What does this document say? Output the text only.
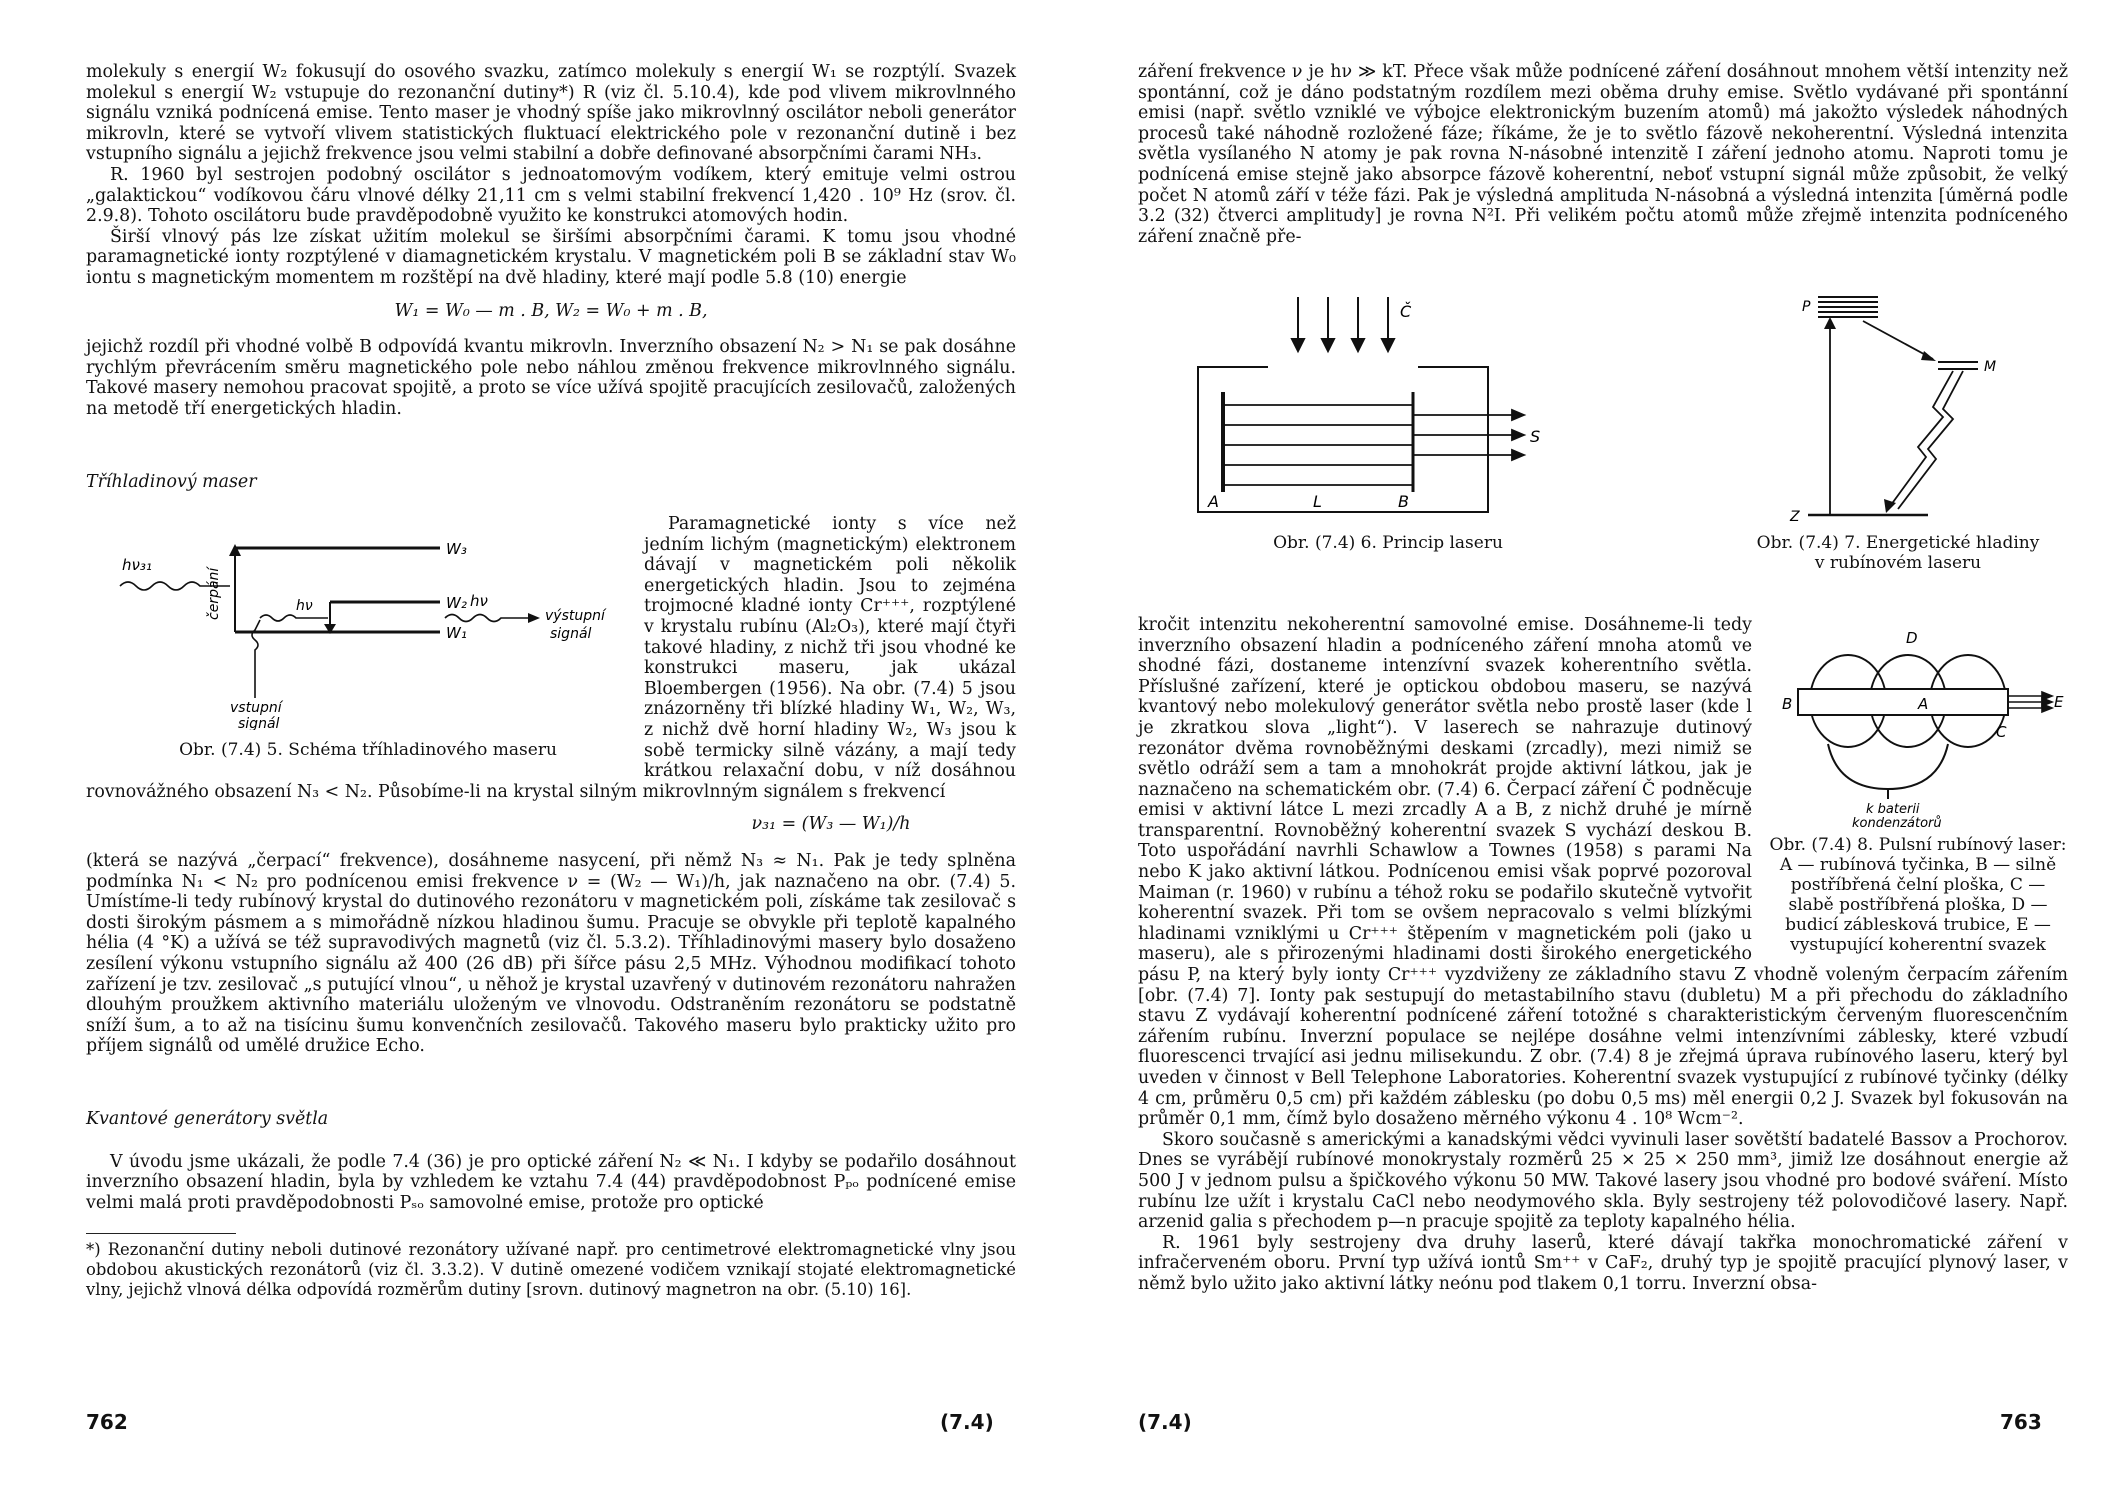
molekuly s energií W₂ fokusují do osového svazku, zatímco molekuly s energií W₁ se rozptýlí. Svazek molekul s energií W₂ vstupuje do rezonanční dutiny*) R (viz čl. 5.10.4), kde pod vlivem mikrovlnného signálu vzniká podnícená emise. Tento maser je vhodný spíše jako mikrovlnný oscilátor neboli generátor mikrovln, které se vytvoří vlivem statistických fluktuací elektrického pole v rezonanční dutině i bez vstupního signálu a jejichž frekvence jsou velmi stabilní a dobře definované absorpčními čarami NH₃.

R. 1960 byl sestrojen podobný oscilátor s jednoatomovým vodíkem, který emituje velmi ostrou „galaktickou“ vodíkovou čáru vlnové délky 21,11 cm s velmi stabilní frekvencí 1,420 . 10⁹ Hz (srov. čl. 2.9.8). Tohoto oscilátoru bude pravděpodobně využito ke konstrukci atomových hodin.

Širší vlnový pás lze získat užitím molekul se širšími absorpčními čarami. K tomu jsou vhodné paramagnetické ionty rozptýlené v diamagnetickém krystalu. V magnetickém poli B se základní stav W₀ iontu s magnetickým momentem m rozštěpí na dvě hladiny, které mají podle 5.8 (10) energie

W₁ = W₀ — m . B, W₂ = W₀ + m . B,

jejichž rozdíl při vhodné volbě B odpovídá kvantu mikrovln. Inverzního obsazení N₂ > N₁ se pak dosáhne rychlým převrácením směru magnetického pole nebo náhlou změnou frekvence mikrovlnného signálu. Takové masery nemohou pracovat spojitě, a proto se více užívá spojitě pracujících zesilovačů, založených na metodě tří energetických hladin.

Tříhladinový maser

W₃
W₂
W₁
hν₃₁
čerpání	hν	hν
výstupní
signál
vstupní
signál
Obr. (7.4) 5. Schéma tříhladinového maseru
Paramagnetické ionty s více než jedním lichým (magnetickým) elektronem dávají v magnetickém poli několik energetických hladin. Jsou to zejména trojmocné kladné ionty Cr⁺⁺⁺, rozptýlené v krystalu rubínu (Al₂O₃), které mají čtyři takové hladiny, z nichž tři jsou vhodné ke konstrukci maseru, jak ukázal Bloembergen (1956). Na obr. (7.4) 5 jsou znázorněny tři blízké hladiny W₁, W₂, W₃, z nichž dvě horní hladiny W₂, W₃ jsou k sobě termicky silně vázány, a mají tedy krátkou relaxační dobu, v níž dosáhnou rovnovážného obsazení N₃ < N₂. Působíme-li na krystal silným mikrovlnným signálem s frekvencí

ν₃₁ = (W₃ — W₁)/h

(která se nazývá „čerpací“ frekvence), dosáhneme nasycení, při němž N₃ ≈ N₁. Pak je tedy splněna podmínka N₁ < N₂ pro podnícenou emisi frekvence ν = (W₂ — W₁)/h, jak naznačeno na obr. (7.4) 5. Umístíme-li tedy rubínový krystal do dutinového rezonátoru v magnetickém poli, získáme tak zesilovač s dosti širokým pásmem a s mimořádně nízkou hladinou šumu. Pracuje se obvykle při teplotě kapalného hélia (4 °K) a užívá se též supravodivých magnetů (viz čl. 5.3.2). Tříhladinovými masery bylo dosaženo zesílení výkonu vstupního signálu až 400 (26 dB) při šířce pásu 2,5 MHz. Výhodnou modifikací tohoto zařízení je tzv. zesilovač „s putující vlnou“, u něhož je krystal uzavřený v dutinovém rezonátoru nahražen dlouhým proužkem aktivního materiálu uloženým ve vlnovodu. Odstraněním rezonátoru se podstatně sníží šum, a to až na tisícinu šumu konvenčních zesilovačů. Takového maseru bylo prakticky užito pro příjem signálů od umělé družice Echo.

Kvantové generátory světla

V úvodu jsme ukázali, že podle 7.4 (36) je pro optické záření N₂ ≪ N₁. I kdyby se podařilo dosáhnout inverzního obsazení hladin, byla by vzhledem ke vztahu 7.4 (44) pravděpodobnost Pₚₒ podnícené emise velmi malá proti pravděpodobnosti Pₛₒ samovolné emise, protože pro optické

*) Rezonanční dutiny neboli dutinové rezonátory užívané např. pro centimetrové elektromagnetické vlny jsou obdobou akustických rezonátorů (viz čl. 3.3.2). V dutině omezené vodičem vznikají stojaté elektromagnetické vlny, jejichž vlnová délka odpovídá rozměrům dutiny [srovn. dutinový magnetron na obr. (5.10) 16].

762	(7.4)

záření frekvence ν je hν ≫ kT. Přece však může podnícené záření dosáhnout mnohem větší intenzity než spontánní, což je dáno podstatným rozdílem mezi oběma druhy emise. Světlo vydávané při spontánní emisi (např. světlo vzniklé ve výbojce elektronickým buzením atomů) má jakožto výsledek náhodných procesů také náhodně rozložené fáze; říkáme, že je to světlo fázově nekoherentní. Výsledná intenzita světla vysílaného N atomy je pak rovna N-násobné intenzitě I záření jednoho atomu. Naproti tomu je podnícená emise stejně jako absorpce fázově koherentní, neboť vstupní signál může způsobit, že velký počet N atomů září v téže fázi. Pak je výsledná amplituda N-násobná a výsledná intenzita [úměrná podle 3.2 (32) čtverci amplitudy] je rovna N²I. Při velikém počtu atomů může zřejmě intenzita podníceného záření značně pře-

Č
S
A	L	B
Obr. (7.4) 6. Princip laseru
P
M
Z
Obr. (7.4) 7. Energetické hladiny
v rubínovém laseru

D
B	A
C
E
k baterii
kondenzátorů
Obr. (7.4) 8. Pulsní rubínový laser: A — rubínová tyčinka, B — silně postříbřená čelní ploška, C — slabě postříbřená ploška, D — budicí záblesková trubice, E — vystupující koherentní svazek
kročit intenzitu nekoherentní samovolné emise. Dosáhneme-li tedy inverzního obsazení hladin a podníceného záření mnoha atomů ve shodné fázi, dostaneme intenzívní svazek koherentního světla. Příslušné zařízení, které je optickou obdobou maseru, se nazývá kvantový nebo molekulový generátor světla nebo prostě laser (kde l je zkratkou slova „light“). V laserech se nahrazuje dutinový rezonátor dvěma rovnoběžnými deskami (zrcadly), mezi nimiž se světlo odráží sem a tam a mnohokrát projde aktivní látkou, jak je naznačeno na schematickém obr. (7.4) 6. Čerpací záření Č podněcuje emisi v aktivní látce L mezi zrcadly A a B, z nichž druhé je mírně transparentní. Rovnoběžný koherentní svazek S vychází deskou B. Toto uspořádání navrhli Schawlow a Townes (1958) s parami Na nebo K jako aktivní látkou. Podnícenou emisi však poprvé pozoroval Maiman (r. 1960) v rubínu a téhož roku se podařilo skutečně vytvořit koherentní svazek. Při tom se ovšem nepracovalo s velmi blízkými hladinami vzniklými u Cr⁺⁺⁺ štěpením v magnetickém poli (jako u maseru), ale s přirozenými hladinami dosti širokého energetického pásu P, na který byly ionty Cr⁺⁺⁺ vyzdviženy ze základního stavu Z vhodně voleným čerpacím zářením [obr. (7.4) 7]. Ionty pak sestupují do metastabilního stavu (dubletu) M a při přechodu do základního stavu Z vydávají koherentní podnícené záření totožné s charakteristickým červeným fluorescenčním zářením rubínu. Inverzní populace se nejlépe dosáhne velmi intenzívními záblesky, které vzbudí fluorescenci trvající asi jednu milisekundu. Z obr. (7.4) 8 je zřejmá úprava rubínového laseru, který byl uveden v činnost v Bell Telephone Laboratories. Koherentní svazek vystupující z rubínové tyčinky (délky 4 cm, průměru 0,5 cm) při každém záblesku (po dobu 0,5 ms) měl energii 0,2 J. Svazek byl fokusován na průměr 0,1 mm, čímž bylo dosaženo měrného výkonu 4 . 10⁸ Wcm⁻².

Skoro současně s americkými a kanadskými vědci vyvinuli laser sovětští badatelé Bassov a Prochorov. Dnes se vyrábějí rubínové monokrystaly rozměrů 25 × 25 × 250 mm³, jimiž lze dosáhnout energie až 500 J v jednom pulsu a špičkového výkonu 50 MW. Takové lasery jsou vhodné pro bodové sváření. Místo rubínu lze užít i krystalu CaCl nebo neodymového skla. Byly sestrojeny též polovodičové lasery. Např. arzenid galia s přechodem p—n pracuje spojitě za teploty kapalného hélia.

R. 1961 byly sestrojeny dva druhy laserů, které dávají takřka monochromatické záření v infračerveném oboru. První typ užívá iontů Sm⁺⁺ v CaF₂, druhý typ je spojitě pracující plynový laser, v němž bylo užito jako aktivní látky neónu pod tlakem 0,1 torru. Inverzní obsa-

(7.4)	763
